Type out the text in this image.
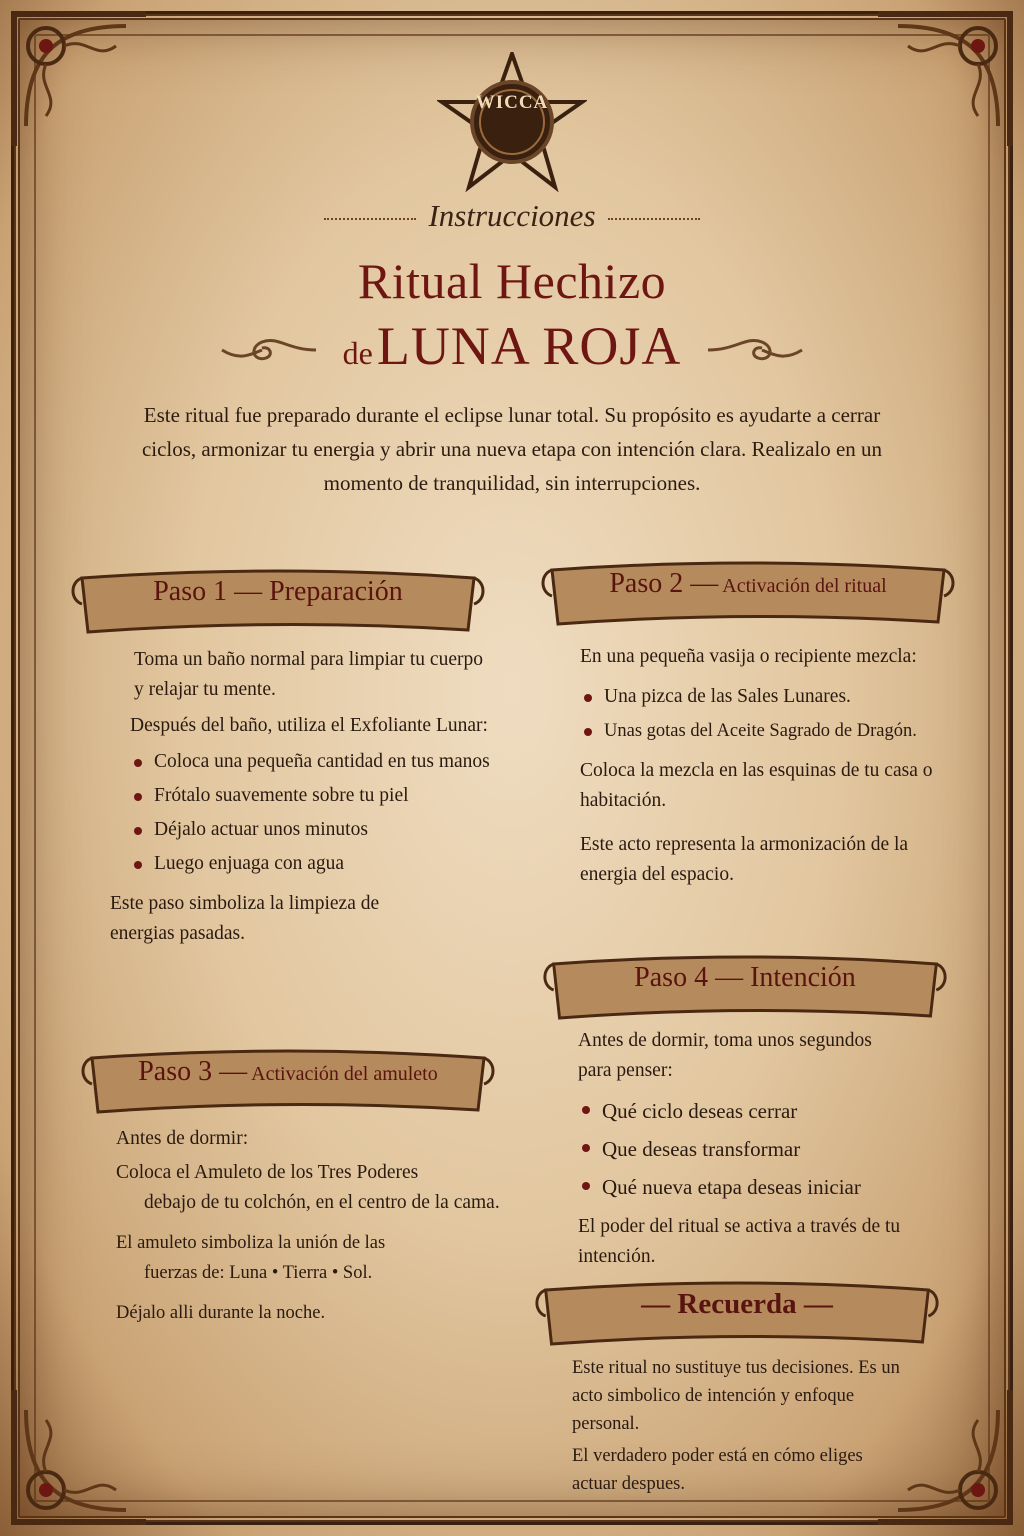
WICCA
Instrucciones
Ritual Hechizo
de LUNA ROJA
Este ritual fue preparado durante el eclipse lunar total. Su propósito es ayudarte a cerrar ciclos, armonizar tu energia y abrir una nueva etapa con intención clara. Realizalo en un momento de tranquilidad, sin interrupciones.
Paso 1 — Preparación

Toma un baño normal para limpiar tu cuerpo y relajar tu mente.

Después del baño, utiliza el Exfoliante Lunar:

Coloca una pequeña cantidad en tus manos
Frótalo suavemente sobre tu piel
Déjalo actuar unos minutos
Luego enjuaga con agua

Este paso simboliza la limpieza de energias pasadas.

Paso 2 — Activación del ritual

En una pequeña vasija o recipiente mezcla:

Una pizca de las Sales Lunares.
Unas gotas del Aceite Sagrado de Dragón.

Coloca la mezcla en las esquinas de tu casa o habitación.

Este acto representa la armonización de la energia del espacio.

Paso 3 — Activación del amuleto

Antes de dormir:

Coloca el Amuleto de los Tres Poderes

debajo de tu colchón, en el centro de la cama.

El amuleto simboliza la unión de las

fuerzas de: Luna • Tierra • Sol.

Déjalo alli durante la noche.

Paso 4 — Intención

Antes de dormir, toma unos segundos para penser:

Qué ciclo deseas cerrar
Que deseas transformar
Qué nueva etapa deseas iniciar

El poder del ritual se activa a través de tu intención.

— Recuerda —

Este ritual no sustituye tus decisiones. Es un acto simbolico de intención y enfoque personal.

El verdadero poder está en cómo eliges actuar despues.
